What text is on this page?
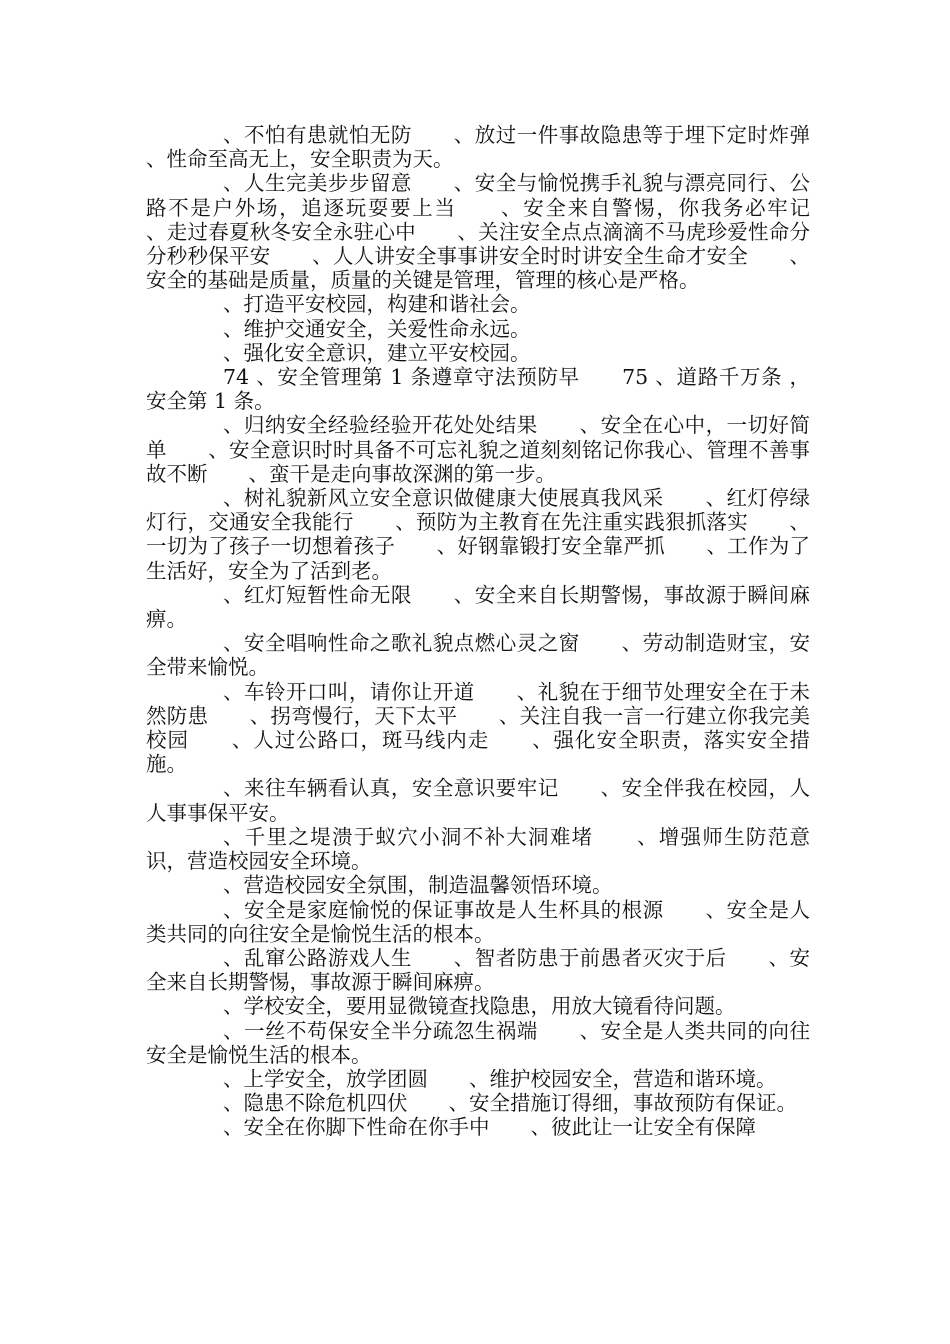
、不怕有患就怕无防　　、放过一件事故隐患等于埋下定时炸弹　　、性命至高无上，安全职责为天。

、人生完美步步留意　　、安全与愉悦携手礼貌与漂亮同行、公路不是户外场，追逐玩耍要上当　　、安全来自警惕，你我务必牢记　　、走过春夏秋冬安全永驻心中　　、关注安全点点滴滴不马虎珍爱性命分分秒秒保平安　　、人人讲安全事事讲安全时时讲安全生命才安全　　、安全的基础是质量，质量的关键是管理，管理的核心是严格。

、打造平安校园，构建和谐社会。

、维护交通安全，关爱性命永远。

、强化安全意识，建立平安校园。

74 、安全管理第 1 条遵章守法预防早　　75 、道路千万条 ， 安全第 1 条。

、归纳安全经验经验开花处处结果　　、安全在心中，一切好简单　　、安全意识时时具备不可忘礼貌之道刻刻铭记你我心、管理不善事故不断　　、蛮干是走向事故深渊的第一步。

、树礼貌新风立安全意识做健康大使展真我风采　　、红灯停绿灯行，交通安全我能行　　、预防为主教育在先注重实践狠抓落实　　、一切为了孩子一切想着孩子　　、好钢靠锻打安全靠严抓　　、工作为了生活好，安全为了活到老。

、红灯短暂性命无限　　、安全来自长期警惕，事故源于瞬间麻痹。

、安全唱响性命之歌礼貌点燃心灵之窗　　、劳动制造财宝，安全带来愉悦。

、车铃开口叫，请你让开道　　、礼貌在于细节处理安全在于未然防患　　、拐弯慢行，天下太平　　、关注自我一言一行建立你我完美校园　　、人过公路口，斑马线内走　　、强化安全职责，落实安全措施。

、来往车辆看认真，安全意识要牢记　　、安全伴我在校园，人人事事保平安。

、千里之堤溃于蚁穴小洞不补大洞难堵　　、增强师生防范意识，营造校园安全环境。

、营造校园安全氛围，制造温馨领悟环境。

、安全是家庭愉悦的保证事故是人生杯具的根源　　、安全是人类共同的向往安全是愉悦生活的根本。

、乱窜公路游戏人生　　、智者防患于前愚者灭灾于后　　、安全来自长期警惕，事故源于瞬间麻痹。

、学校安全，要用显微镜查找隐患，用放大镜看待问题。

、一丝不苟保安全半分疏忽生祸端　　、安全是人类共同的向往安全是愉悦生活的根本。

、上学安全，放学团圆　　、维护校园安全，营造和谐环境。

、隐患不除危机四伏　　、安全措施订得细，事故预防有保证。

、安全在你脚下性命在你手中　　、彼此让一让安全有保障
